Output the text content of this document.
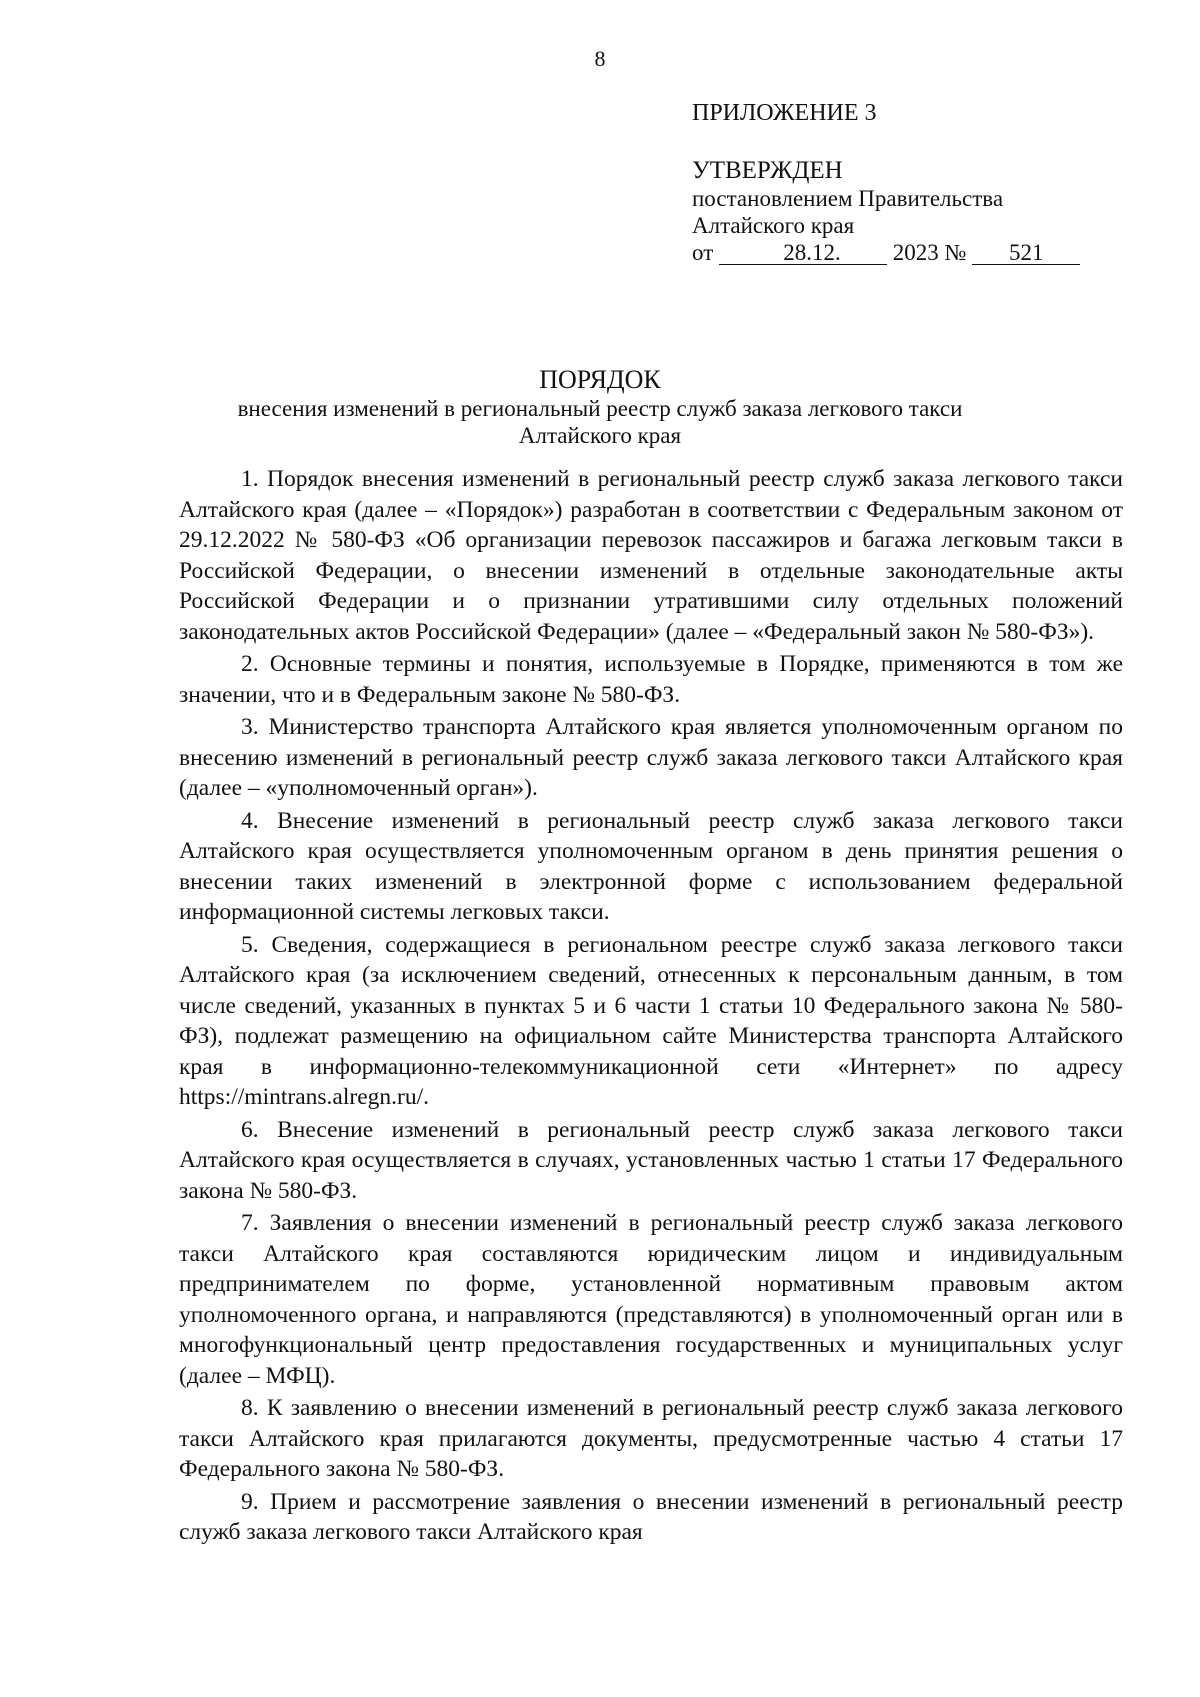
8
ПРИЛОЖЕНИЕ 3
УТВЕРЖДЕН
постановлением Правительства
Алтайского края
от	28.12. 2023 № 521
ПОРЯДОК
внесения изменений в региональный реестр служб заказа легкового такси
Алтайского края

1. Порядок внесения изменений в региональный реестр служб заказа легкового такси Алтайского края (далее – «Порядок») разработан в соответствии с Федеральным законом от 29.12.2022 № 580-ФЗ «Об организации перевозок пассажиров и багажа легковым такси в Российской Федерации, о внесении изменений в отдельные законодательные акты Российской Федерации и о признании утратившими силу отдельных положений законодательных актов Российской Федерации» (далее – «Федеральный закон № 580-ФЗ»).

2. Основные термины и понятия, используемые в Порядке, применяются в том же значении, что и в Федеральным законе № 580-ФЗ.

3. Министерство транспорта Алтайского края является уполномоченным органом по внесению изменений в региональный реестр служб заказа легкового такси Алтайского края (далее – «уполномоченный орган»).

4. Внесение изменений в региональный реестр служб заказа легкового такси Алтайского края осуществляется уполномоченным органом в день принятия решения о внесении таких изменений в электронной форме с использованием федеральной информационной системы легковых такси.

5. Сведения, содержащиеся в региональном реестре служб заказа легкового такси Алтайского края (за исключением сведений, отнесенных к персональным данным, в том числе сведений, указанных в пунктах 5 и 6 части 1 статьи 10 Федерального закона № 580-ФЗ), подлежат размещению на официальном сайте Министерства транспорта Алтайского края в информационно-телекоммуникационной сети «Интернет» по адресу https://mintrans.alregn.ru/.

6. Внесение изменений в региональный реестр служб заказа легкового такси Алтайского края осуществляется в случаях, установленных частью 1 статьи 17 Федерального закона № 580-ФЗ.

7. Заявления о внесении изменений в региональный реестр служб заказа легкового такси Алтайского края составляются юридическим лицом и индивидуальным предпринимателем по форме, установленной нормативным правовым актом уполномоченного органа, и направляются (представляются) в уполномоченный орган или в многофункциональный центр предоставления государственных и муниципальных услуг (далее – МФЦ).

8. К заявлению о внесении изменений в региональный реестр служб заказа легкового такси Алтайского края прилагаются документы, предусмотренные частью 4 статьи 17 Федерального закона № 580-ФЗ.

9. Прием и рассмотрение заявления о внесении изменений в региональный реестр служб заказа легкового такси Алтайского края
